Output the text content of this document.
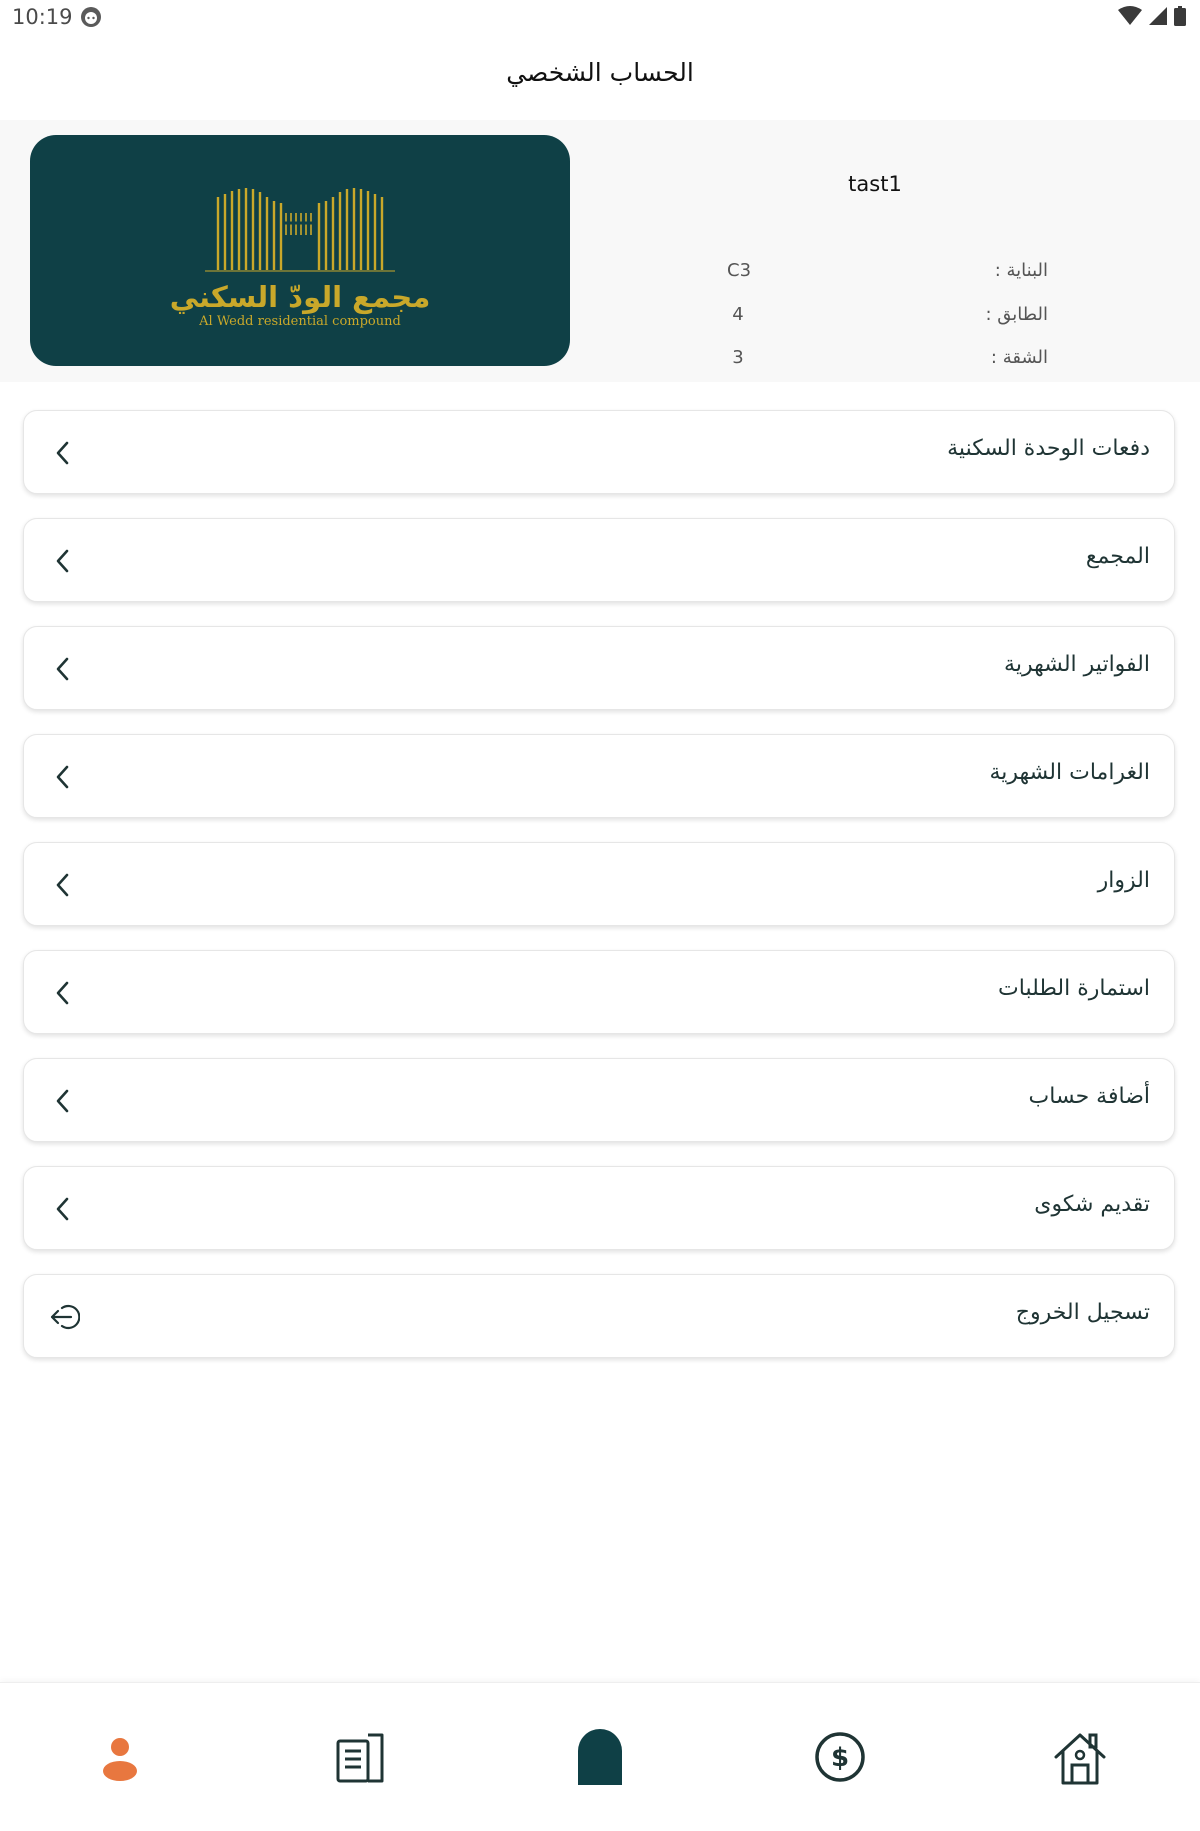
10:19
الحساب الشخصي
مجمع الودّ السكني
Al Wedd residential compound
tast1
البناية :
C3
الطابق :
4
الشقة :
3
دفعات الوحدة السكنية
المجمع
الفواتير الشهرية
الغرامات الشهرية
الزوار
استمارة الطلبات
أضافة حساب
تقديم شكوى
تسجيل الخروج
$
